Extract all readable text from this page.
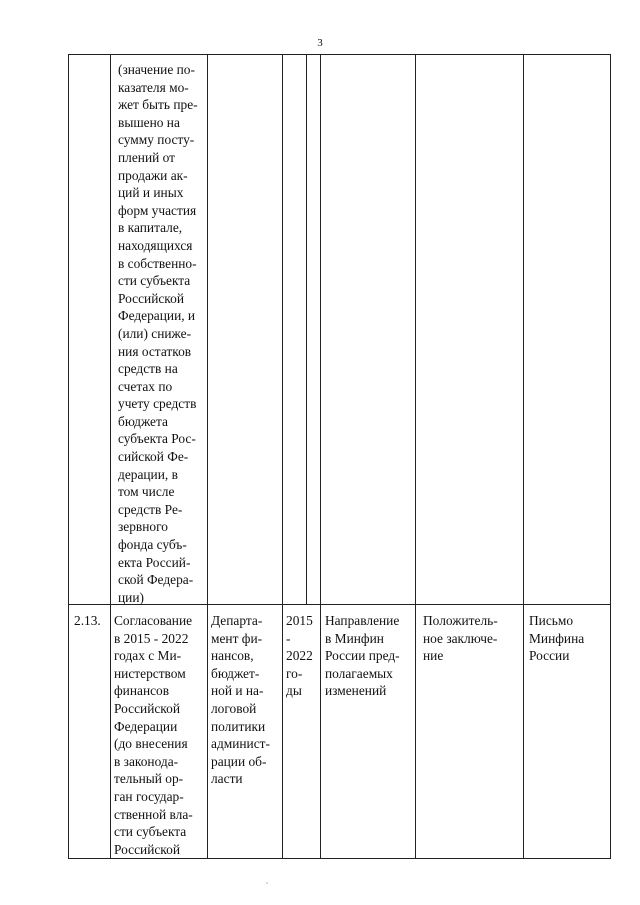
3
(значение по-
казателя мо-
жет быть пре-
вышено на
сумму посту-
плений от
продажи ак-
ций и иных
форм участия
в капитале,
находящихся
в собственно-
сти субъекта
Российской
Федерации, и
(или) сниже-
ния остатков
средств на
счетах по
учету средств
бюджета
субъекта Рос-
сийской Фе-
дерации, в
том числе
средств Ре-
зервного
фонда субъ-
екта Россий-
ской Федера-
ции)
2.13. Согласование
в 2015 - 2022
годах с Ми-
нистерством
финансов
Российской
Федерации
(до внесения
в законода-
тельный ор-
ган государ-
ственной вла-
сти субъекта
Российской
Департа-
мент фи-
нансов,
бюджет-
ной и на-
логовой
политики
админист-
рации об-
ласти
2015
-
2022
го-
ды
Направление
в Минфин
России пред-
полагаемых
изменений
Положитель-
ное заключе-
ние
Письмо
Минфина
России
